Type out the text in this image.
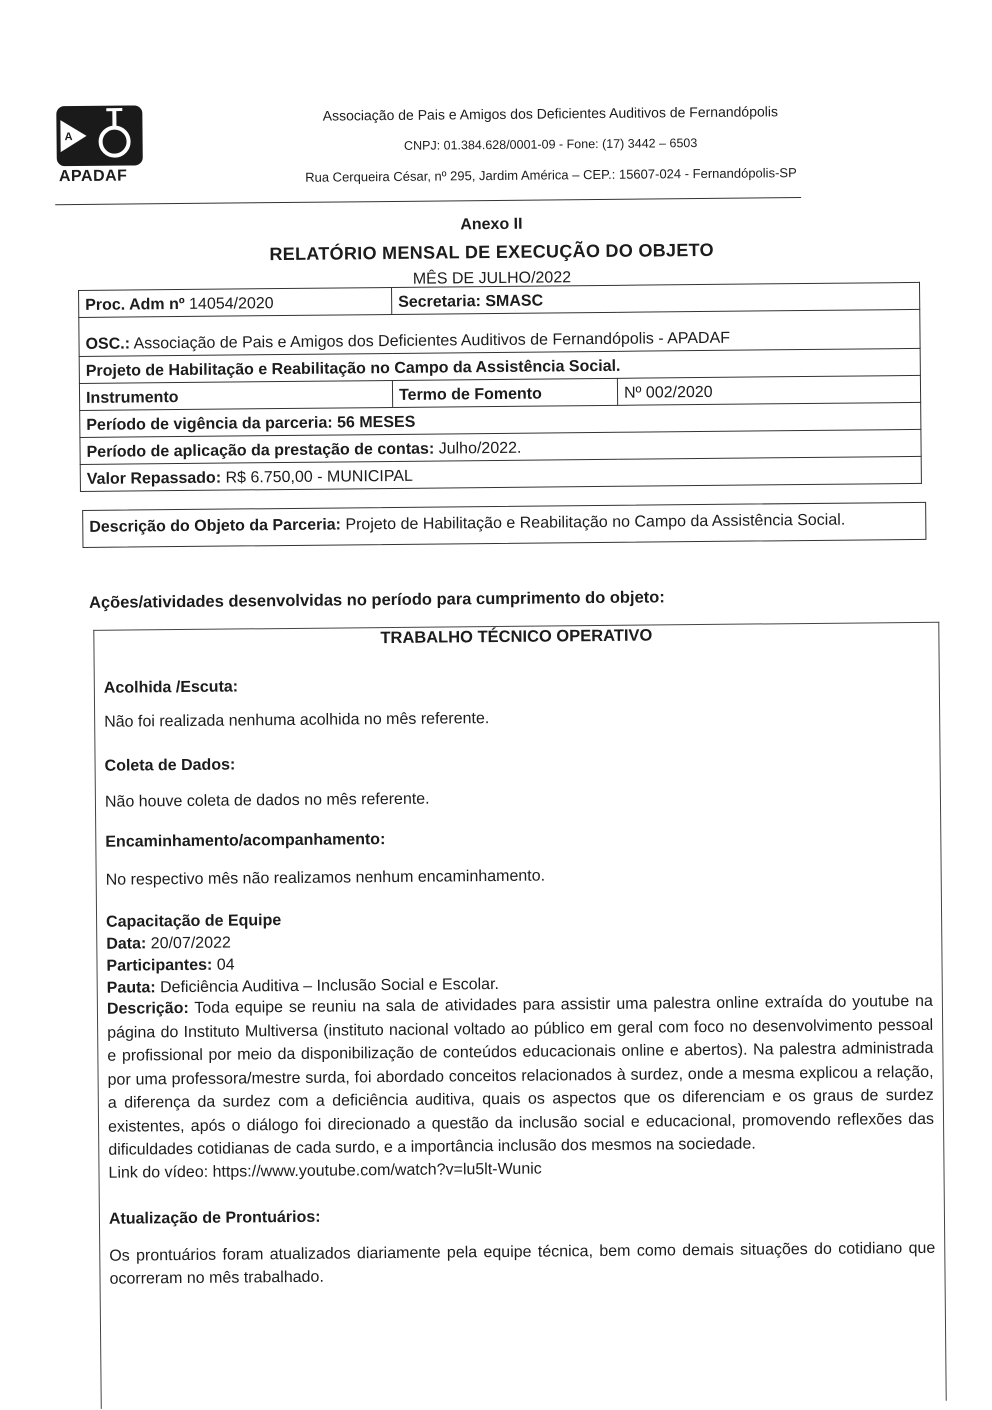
A
APADAF
Associação de Pais e Amigos dos Deficientes Auditivos de Fernandópolis
CNPJ: 01.384.628/0001-09 - Fone: (17) 3442 – 6503
Rua Cerqueira César, nº 295, Jardim América – CEP.: 15607-024 - Fernandópolis-SP
Anexo II
RELATÓRIO MENSAL DE EXECUÇÃO DO OBJETO
MÊS DE JULHO/2022
Proc. Adm nº 14054/2020	Secretaria: SMASC	
OSC.: Associação de Pais e Amigos dos Deficientes Auditivos de Fernandópolis - APADAF		
Projeto de Habilitação e Reabilitação no Campo da Assistência Social.		
Instrumento	Termo de Fomento	Nº 002/2020
Período de vigência da parceria: 56 MESES		
Período de aplicação da prestação de contas: Julho/2022.		
Valor Repassado: R$ 6.750,00 - MUNICIPAL		
Descrição do Objeto da Parceria: Projeto de Habilitação e Reabilitação no Campo da Assistência Social.
Ações/atividades desenvolvidas no período para cumprimento do objeto:
TRABALHO TÉCNICO OPERATIVO

Acolhida /Escuta:

Não foi realizada nenhuma acolhida no mês referente.

Coleta de Dados:

Não houve coleta de dados no mês referente.

Encaminhamento/acompanhamento:

No respectivo mês não realizamos nenhum encaminhamento.

Capacitação de Equipe

Data: 20/07/2022

Participantes: 04

Pauta: Deficiência Auditiva – Inclusão Social e Escolar.

Descrição: Toda equipe se reuniu na sala de atividades para assistir uma palestra online extraída do youtube na página do Instituto Multiversa (instituto nacional voltado ao público em geral com foco no desenvolvimento pessoal e profissional por meio da disponibilização de conteúdos educacionais online e abertos). Na palestra administrada por uma professora/mestre surda, foi abordado conceitos relacionados à surdez, onde a mesma explicou a relação, a diferença da surdez com a deficiência auditiva, quais os aspectos que os diferenciam e os graus de surdez existentes, após o diálogo foi direcionado a questão da inclusão social e educacional, promovendo reflexões das dificuldades cotidianas de cada surdo, e a importância inclusão dos mesmos na sociedade.

Link do vídeo: https://www.youtube.com/watch?v=lu5lt-Wunic

Atualização de Prontuários:

Os prontuários foram atualizados diariamente pela equipe técnica, bem como demais situações do cotidiano que ocorreram no mês trabalhado.
